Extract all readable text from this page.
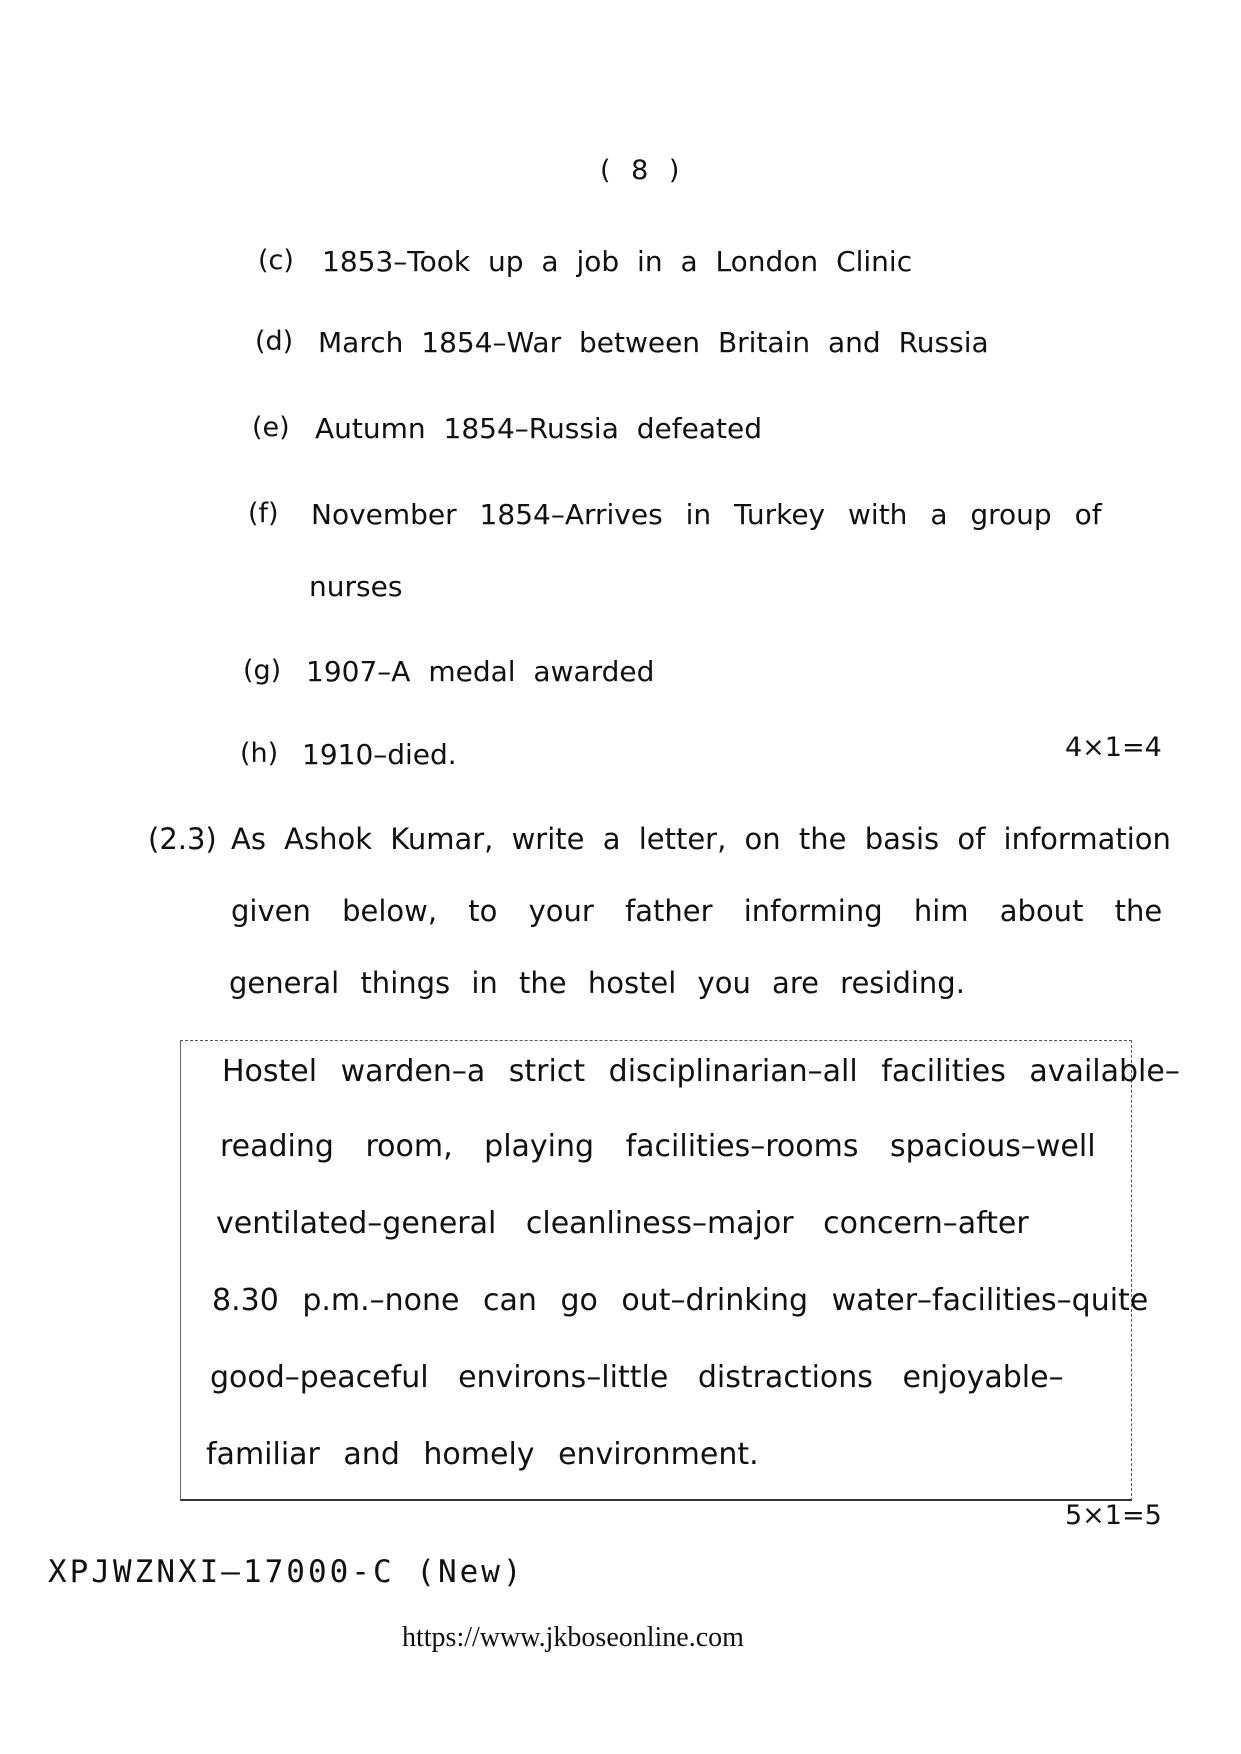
( 8 )
(c) 1853–Took up a job in a London Clinic
(d) March 1854–War between Britain and Russia
(e) Autumn 1854–Russia defeated
(f) November 1854–Arrives in Turkey with a group of
nurses
(g) 1907–A medal awarded
(h) 1910–died.	4×1=4
(2.3) As Ashok Kumar, write a letter, on the basis of information
given below, to your father informing him about the
general things in the hostel you are residing.
Hostel warden–a strict disciplinarian–all facilities available–
reading room, playing facilities–rooms spacious–well
ventilated–general cleanliness–major concern–after
8.30 p.m.–none can go out–drinking water–facilities–quite
good–peaceful environs–little distractions enjoyable–
familiar and homely environment.
5×1=5
XPJWZNXI—17000-C (New)
https://www.jkboseonline.com
